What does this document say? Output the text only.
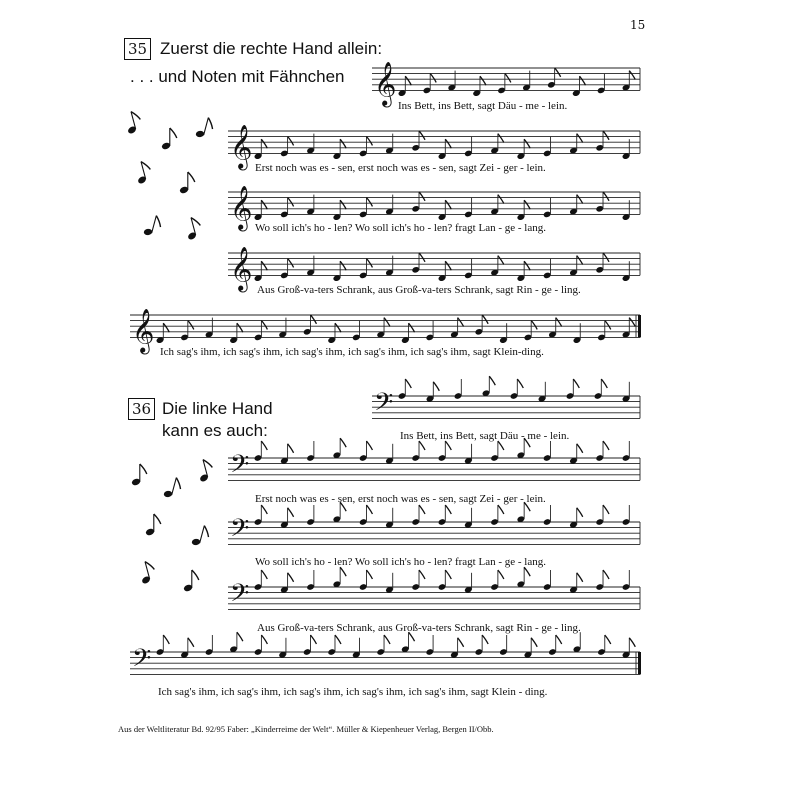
15
35 Zuerst die rechte Hand allein:
. . . und Noten mit Fähnchen
36 Die linke Hand
kann es auch:
Ins Bett, ins Bett, sagt Däu - me - lein.
Erst noch was es - sen, erst noch was es - sen, sagt Zei - ger - lein.
Wo soll ich's ho - len? Wo soll ich's ho - len? fragt Lan - ge - lang.
Aus Groß-va-ters Schrank, aus Groß-va-ters Schrank, sagt Rin - ge - ling.
Ich sag's ihm, ich sag's ihm, ich sag's ihm, ich sag's ihm, ich sag's ihm, sagt Klein-ding.
Ins Bett, ins Bett, sagt Däu - me - lein.
Erst noch was es - sen, erst noch was es - sen, sagt Zei - ger - lein.
Wo soll ich's ho - len? Wo soll ich's ho - len? fragt Lan - ge - lang.
Aus Groß-va-ters Schrank, aus Groß-va-ters Schrank, sagt Rin - ge - ling.
Ich sag's ihm, ich sag's ihm, ich sag's ihm, ich sag's ihm, ich sag's ihm, sagt Klein - ding.
Aus der Weltliteratur Bd. 92/95 Faber: „Kinderreime der Welt“. Müller & Kiepenheuer Verlag, Bergen II/Obb.
𝄞
𝄞
𝄞
𝄞
𝄞
𝄢
𝄢
𝄢
𝄢
𝄢
